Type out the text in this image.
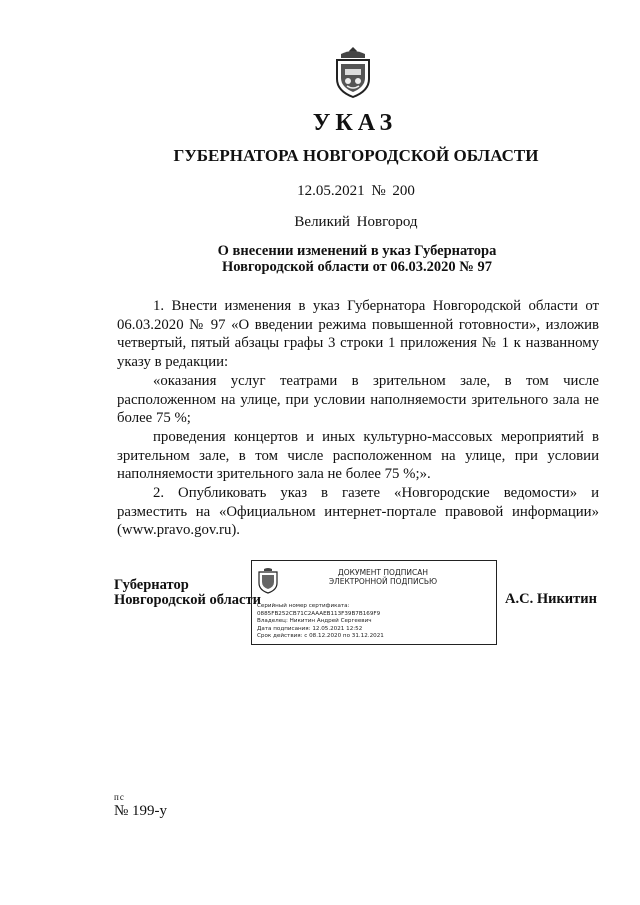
УКАЗ
ГУБЕРНАТОРА НОВГОРОДСКОЙ ОБЛАСТИ
12.05.2021 № 200
Великий Новгород
О внесении изменений в указ Губернатора
Новгородской области от 06.03.2020 № 97

1. Внести изменения в указ Губернатора Новгородской области от 06.03.2020 № 97 «О введении режима повышенной готовности», изложив четвертый, пятый абзацы графы 3 строки 1 приложения № 1 к названному указу в редакции:

«оказания услуг театрами в зрительном зале, в том числе расположенном на улице, при условии наполняемости зрительного зала не более 75 %;

проведения концертов и иных культурно-массовых мероприятий в зрительном зале, в том числе расположенном на улице, при условии наполняемости зрительного зала не более 75 %;».

2. Опубликовать указ в газете «Новгородские ведомости» и разместить на «Официальном интернет-портале правовой информации» (www.pravo.gov.ru).

Губернатор
Новгородской области
ДОКУМЕНТ ПОДПИСАН
ЭЛЕКТРОННОЙ ПОДПИСЬЮ
Серийный номер сертификата:
0885FB252CB71C2AAAEB113F39B7B169F9
Владелец: Никитин Андрей Сергеевич
Дата подписания: 12.05.2021 12:52
Срок действия: с 08.12.2020 по 31.12.2021
А.С. Никитин
пс
№ 199-у
